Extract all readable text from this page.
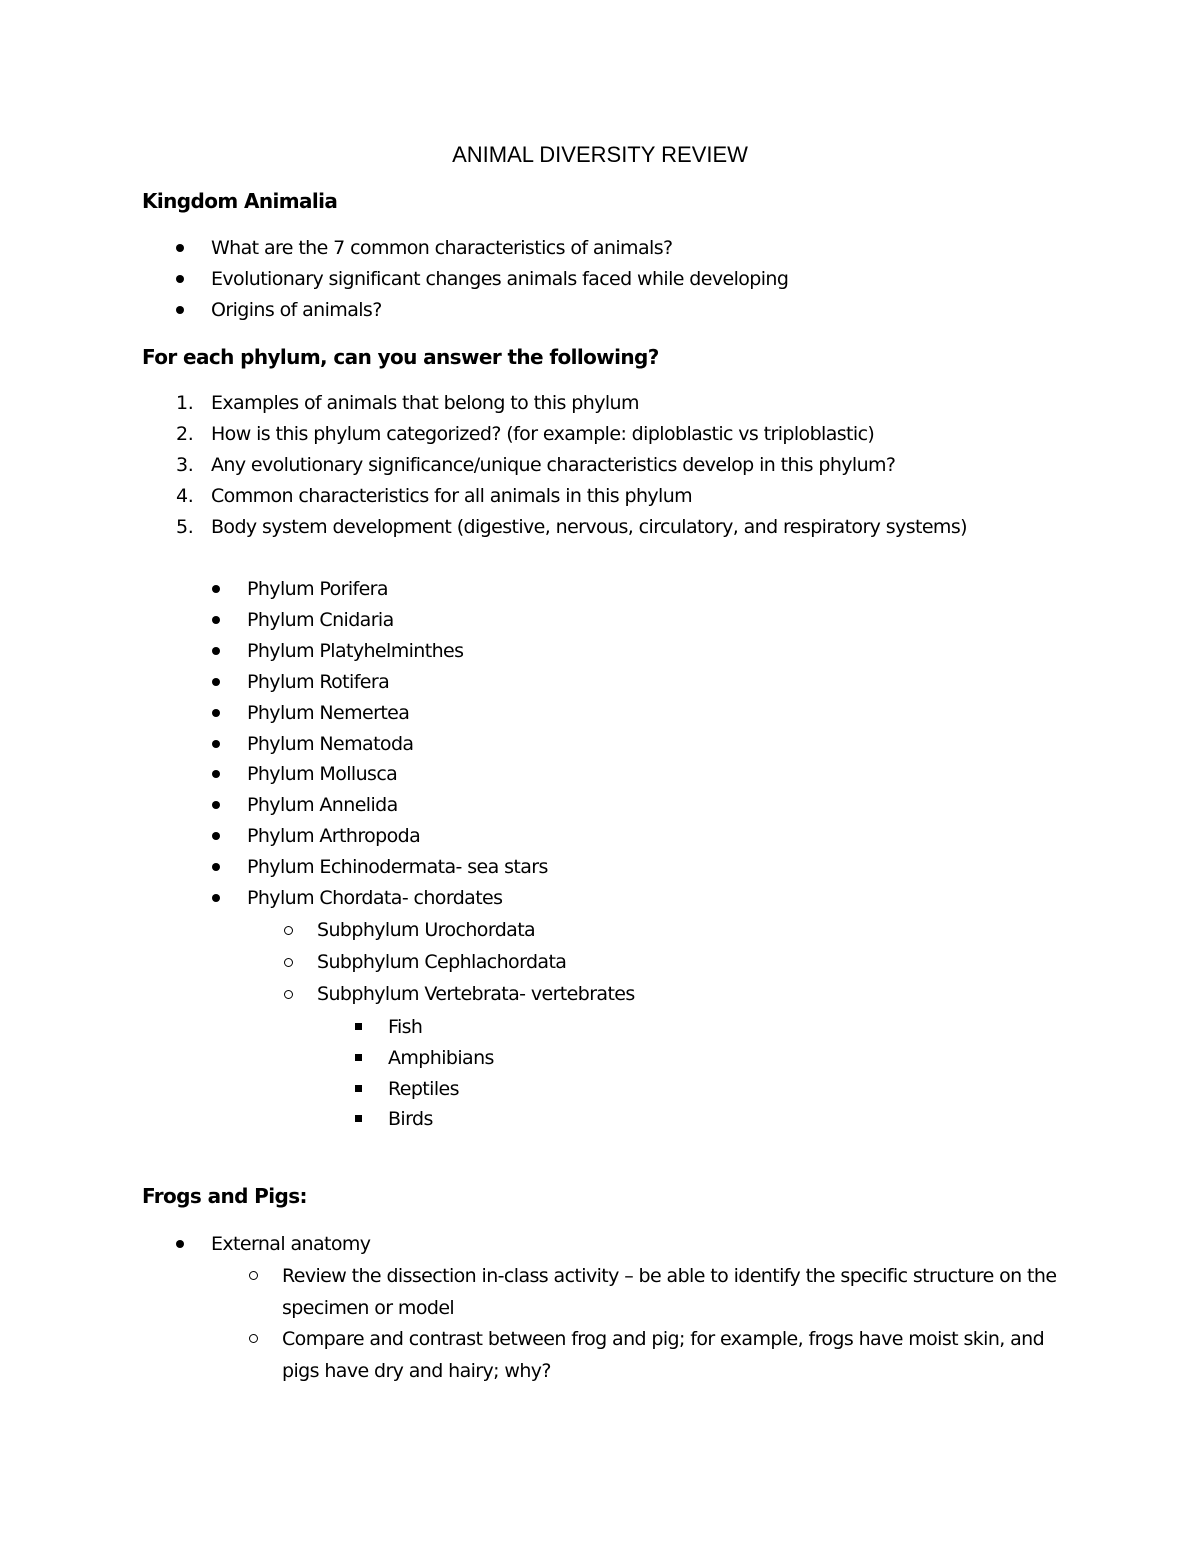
ANIMAL DIVERSITY REVIEW
Kingdom Animalia
What are the 7 common characteristics of animals?
Evolutionary significant changes animals faced while developing
Origins of animals?
For each phylum, can you answer the following?
1. Examples of animals that belong to this phylum
2. How is this phylum categorized? (for example: diploblastic vs triploblastic)
3. Any evolutionary significance/unique characteristics develop in this phylum?
4. Common characteristics for all animals in this phylum
5. Body system development (digestive, nervous, circulatory, and respiratory systems)
Phylum Porifera
Phylum Cnidaria
Phylum Platyhelminthes
Phylum Rotifera
Phylum Nemertea
Phylum Nematoda
Phylum Mollusca
Phylum Annelida
Phylum Arthropoda
Phylum Echinodermata- sea stars
Phylum Chordata- chordates
Subphylum Urochordata
Subphylum Cephlachordata
Subphylum Vertebrata- vertebrates
Fish
Amphibians
Reptiles
Birds
Frogs and Pigs:
External anatomy
Review the dissection in-class activity – be able to identify the specific structure on the specimen or model
Compare and contrast between frog and pig; for example, frogs have moist skin, and pigs have dry and hairy; why?
